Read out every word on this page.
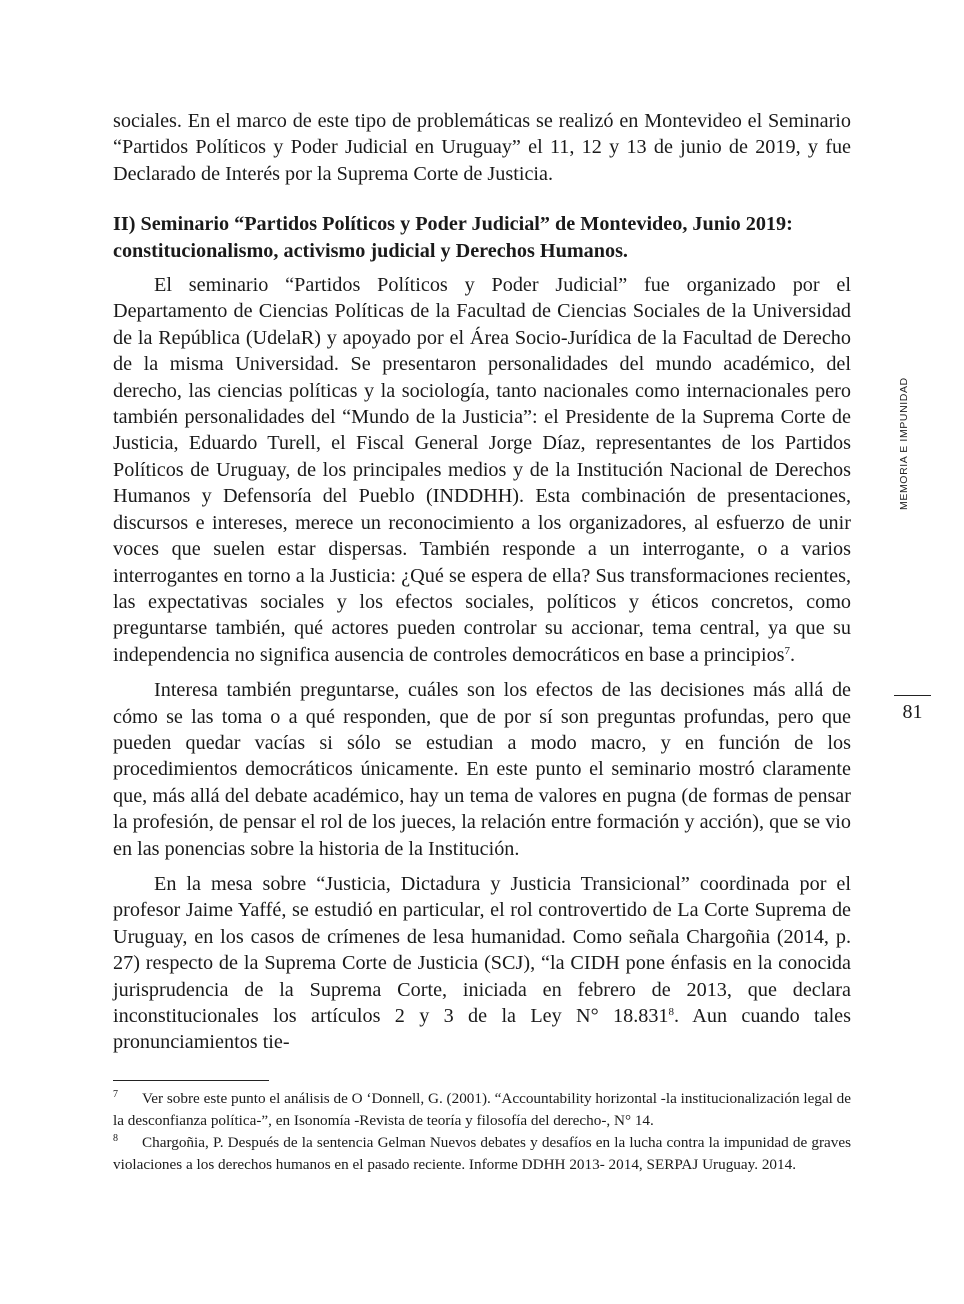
sociales. En el marco de este tipo de problemáticas se realizó en Montevideo el Seminario “Partidos Políticos y Poder Judicial en Uruguay” el 11, 12 y 13 de junio de 2019, y fue Declarado de Interés por la Suprema Corte de Justicia.

II) Seminario “Partidos Políticos y Poder Judicial” de Montevideo, Junio 2019:
constitucionalismo, activismo judicial y Derechos Humanos.

El seminario “Partidos Políticos y Poder Judicial” fue organizado por el Departamento de Ciencias Políticas de la Facultad de Ciencias Sociales de la Universidad de la República (UdelaR) y apoyado por el Área Socio-Jurídica de la Facultad de Derecho de la misma Universidad. Se presentaron personalidades del mundo académico, del derecho, las ciencias políticas y la sociología, tanto nacionales como internacionales pero también personalidades del “Mundo de la Justicia”: el Presidente de la Suprema Corte de Justicia, Eduardo Turell, el Fiscal General Jorge Díaz, representantes de los Partidos Políticos de Uruguay, de los principales medios y de la Institución Nacional de Derechos Humanos y Defensoría del Pueblo (INDDHH). Esta combinación de presentaciones, discursos e intereses, merece un reconocimiento a los organizadores, al esfuerzo de unir voces que suelen estar dispersas. También responde a un interrogante, o a varios interrogantes en torno a la Justicia: ¿Qué se espera de ella? Sus transformaciones recientes, las expectativas sociales y los efectos sociales, políticos y éticos concretos, como preguntarse también, qué actores pueden controlar su accionar, tema central, ya que su independencia no significa ausencia de controles democráticos en base a principios$^7$.

Interesa también preguntarse, cuáles son los efectos de las decisiones más allá de cómo se las toma o a qué responden, que de por sí son preguntas profundas, pero que pueden quedar vacías si sólo se estudian a modo macro, y en función de los procedimientos democráticos únicamente. En este punto el seminario mostró claramente que, más allá del debate académico, hay un tema de valores en pugna (de formas de pensar la profesión, de pensar el rol de los jueces, la relación entre formación y acción), que se vio en las ponencias sobre la historia de la Institución.

En la mesa sobre “Justicia, Dictadura y Justicia Transicional” coordinada por el profesor Jaime Yaffé, se estudió en particular, el rol controvertido de La Corte Suprema de Uruguay, en los casos de crímenes de lesa humanidad. Como señala Chargoñia (2014, p. 27) respecto de la Suprema Corte de Justicia (SCJ), “la CIDH pone énfasis en la conocida jurisprudencia de la Suprema Corte, iniciada en febrero de 2013, que declara inconstitucionales los artículos 2 y 3 de la Ley N° 18.831$^8$. Aun cuando tales pronunciamientos tie-

MEMORIA E IMPUNIDAD
81

7 Ver sobre este punto el análisis de O ‘Donnell, G. (2001). “Accountability horizontal -la institucionalización legal de la desconfianza política-”, en Isonomía -Revista de teoría y filosofía del derecho-, N° 14.

8 Chargoñia, P. Después de la sentencia Gelman Nuevos debates y desafíos en la lucha contra la impunidad de graves violaciones a los derechos humanos en el pasado reciente. Informe DDHH 2013- 2014, SERPAJ Uruguay. 2014.
